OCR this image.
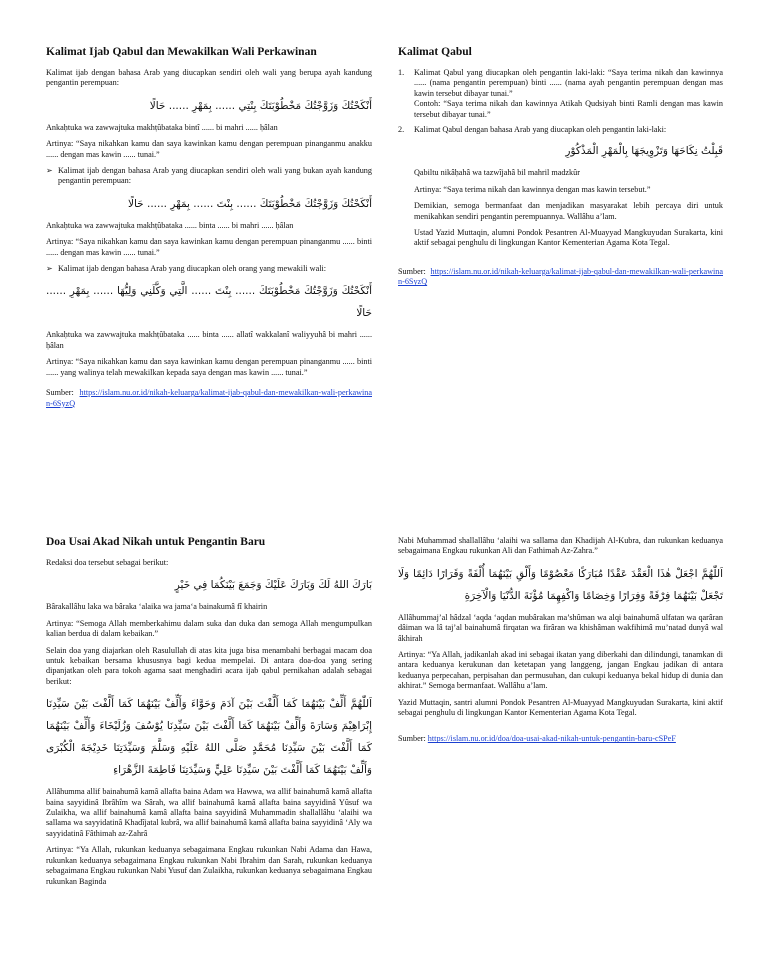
Kalimat Ijab Qabul dan Mewakilkan Wali Perkawinan

Kalimat ijab dengan bahasa Arab yang diucapkan sendiri oleh wali yang berupa ayah kandung pengantin perempuan:

أَنْكَحْتُكَ وَزَوَّجْتُكَ مَخْطُوْبَتَكَ بِنْتِي ...... بِمَهْرِ ...... حَالًا

Ankaḥtuka wa zawwajtuka makhṭûbataka bintî ...... bi mahri ...... ḥâlan

Artinya: “Saya nikahkan kamu dan saya kawinkan kamu dengan perempuan pinanganmu anakku ...... dengan mas kawin ...... tunai.”

➢ Kalimat ijab dengan bahasa Arab yang diucapkan sendiri oleh wali yang bukan ayah kandung pengantin perempuan:

أَنْكَحْتُكَ وَزَوَّجْتُكَ مَخْطُوْبَتَكَ ...... بِنْتَ ...... بِمَهْرِ ...... حَالًا

Ankaḥtuka wa zawwajtuka makhṭûbataka ...... binta ...... bi mahri ...... ḥâlan

Artinya: “Saya nikahkan kamu dan saya kawinkan kamu dengan perempuan pinanganmu ...... binti ...... dengan mas kawin ...... tunai.”

➢ Kalimat ijab dengan bahasa Arab yang diucapkan oleh orang yang mewakili wali:

أَنْكَحْتُكَ وَزَوَّجْتُكَ مَخْطُوْبَتَكَ ...... بِنْتَ ...... الَّتِي وَكَّلَنِي وَلِيُّهَا ...... بِمَهْرِ ...... حَالًا

Ankaḥtuka wa zawwajtuka makhṭûbataka ...... binta ...... allatî wakkalanî waliyyuhâ bi mahri ...... ḥâlan

Artinya: “Saya nikahkan kamu dan saya kawinkan kamu dengan perempuan pinanganmu ...... binti ...... yang walinya telah mewakilkan kepada saya dengan mas kawin ...... tunai.”

Sumber: https://islam.nu.or.id/nikah-keluarga/kalimat-ijab-qabul-dan-mewakilkan-wali-perkawinan-6SyzQ

Kalimat Qabul
1. Kalimat Qabul yang diucapkan oleh pengantin laki-laki: “Saya terima nikah dan kawinnya ...... (nama pengantin perempuan) binti ...... (nama ayah pengantin perempuan dengan mas kawin tersebut dibayar tunai.”
Contoh: “Saya terima nikah dan kawinnya Atikah Qudsiyah binti Ramli dengan mas kawin tersebut dibayar tunai.”
2. Kalimat Qabul dengan bahasa Arab yang diucapkan oleh pengantin laki-laki:
قَبِلْتُ نِكَاحَهَا وَتَزْوِيجَهَا بِالْمَهْرِ الْمَذْكُوْرِ

Qabiltu nikâḥahâ wa tazwîjahâ bil mahril madzkûr

Artinya: “Saya terima nikah dan kawinnya dengan mas kawin tersebut.”

Demikian, semoga bermanfaat dan menjadikan masyarakat lebih percaya diri untuk menikahkan sendiri pengantin perempuannya. Wallâhu a’lam.

Ustad Yazid Muttaqin, alumni Pondok Pesantren Al-Muayyad Mangkuyudan Surakarta, kini aktif sebagai penghulu di lingkungan Kantor Kementerian Agama Kota Tegal.

Sumber: https://islam.nu.or.id/nikah-keluarga/kalimat-ijab-qabul-dan-mewakilkan-wali-perkawinan-6SyzQ

Doa Usai Akad Nikah untuk Pengantin Baru

Redaksi doa tersebut sebagai berikut:

بَارَكَ اللهُ لَكَ وَبَارَكَ عَلَيْكَ وَجَمَعَ بَيْنَكُمَا فِي خَيْرٍ

Bârakallâhu laka wa bâraka ‘alaika wa jama‘a bainakumâ fî khairin

Artinya: “Semoga Allah memberkahimu dalam suka dan duka dan semoga Allah mengumpulkan kalian berdua di dalam kebaikan.”

Selain doa yang diajarkan oleh Rasulullah di atas kita juga bisa menambahi berbagai macam doa untuk kebaikan bersama khususnya bagi kedua mempelai. Di antara doa-doa yang sering dipanjatkan oleh para tokoh agama saat menghadiri acara ijab qabul pernikahan adalah sebagai berikut:

اَللّٰهُمَّ أَلِّفْ بَيْنَهُمَا كَمَا أَلَّفْتَ بَيْنَ آدَمَ وَحَوَّاءَ وَأَلِّفْ بَيْنَهُمَا كَمَا أَلَّفْتَ بَيْنَ سَيِّدِنَا إِبْرَاهِيْمَ وَسَارَةَ وَأَلِّفْ بَيْنَهُمَا كَمَا أَلَّفْتَ بَيْنَ سَيِّدِنَا يُوْسُفَ وَزُلَيْخَاءَ وَأَلِّفْ بَيْنَهُمَا كَمَا أَلَّفْتَ بَيْنَ سَيِّدِنَا مُحَمَّدٍ صَلَّى اللهُ عَلَيْهِ وَسَلَّمَ وَسَيِّدَتِنَا خَدِيْجَةَ الْكُبْرَى وَأَلِّفْ بَيْنَهُمَا كَمَا أَلَّفْتَ بَيْنَ سَيِّدِنَا عَلِيٍّ وَسَيِّدَتِنَا فَاطِمَةَ الزَّهْرَاءِ

Allâhumma allif bainahumâ kamâ allafta baina Adam wa Hawwa, wa allif bainahumâ kamâ allafta baina sayyidinâ Ibrâhîm wa Sârah, wa allif bainahumâ kamâ allafta baina sayyidinâ Yûsuf wa Zulaikha, wa allif bainahumâ kamâ allafta baina sayyidinâ Muhammadin shallallâhu ‘alaihi wa sallama wa sayyidatinâ Khadîjatal kubrâ, wa allif bainahumâ kamâ allafta baina sayyidinâ ‘Aly wa sayyidatinâ Fâthimah az-Zahrâ

Artinya: “Ya Allah, rukunkan keduanya sebagaimana Engkau rukunkan Nabi Adama dan Hawa, rukunkan keduanya sebagaimana Engkau rukunkan Nabi Ibrahim dan Sarah, rukunkan keduanya sebagaimana Engkau rukunkan Nabi Yusuf dan Zulaikha, rukunkan keduanya sebagaimana Engkau rukunkan Baginda

Nabi Muhammad shallallâhu ‘alaihi wa sallama dan Khadijah Al-Kubra, dan rukunkan keduanya sebagaimana Engkau rukunkan Ali dan Fathimah Az-Zahra.”

اَللّٰهُمَّ اجْعَلْ هٰذَا الْعَقْدَ عَقْدًا مُبَارَكًا مَعْصُوْمًا وَأَلْقِ بَيْنَهُمَا أُلْفَةً وَقَرَارًا دَائِمًا وَلَا تَجْعَلْ بَيْنَهُمَا فِرْقَةً وَفِرَارًا وَخِصَامًا وَاكْفِهِمَا مُؤْنَةَ الدُّنْيَا وَالْآخِرَةِ

Allâhummaj’al hâdzal ‘aqda ‘aqdan mubârakan ma’shûman wa alqi bainahumâ ulfatan wa qarâran dâiman wa lâ taj’al bainahumâ firqatan wa firâran wa khishâman wakfihimâ mu’natad dunyâ wal âkhirah

Artinya: “Ya Allah, jadikanlah akad ini sebagai ikatan yang diberkahi dan dilindungi, tanamkan di antara keduanya kerukunan dan ketetapan yang langgeng, jangan Engkau jadikan di antara keduanya perpecahan, perpisahan dan permusuhan, dan cukupi keduanya bekal hidup di dunia dan akhirat.” Semoga bermanfaat. Wallâhu a’lam.

Yazid Muttaqin, santri alumni Pondok Pesantren Al-Muayyad Mangkuyudan Surakarta, kini aktif sebagai penghulu di lingkungan Kantor Kementerian Agama Kota Tegal.

Sumber: https://islam.nu.or.id/doa/doa-usai-akad-nikah-untuk-pengantin-baru-cSPeF
